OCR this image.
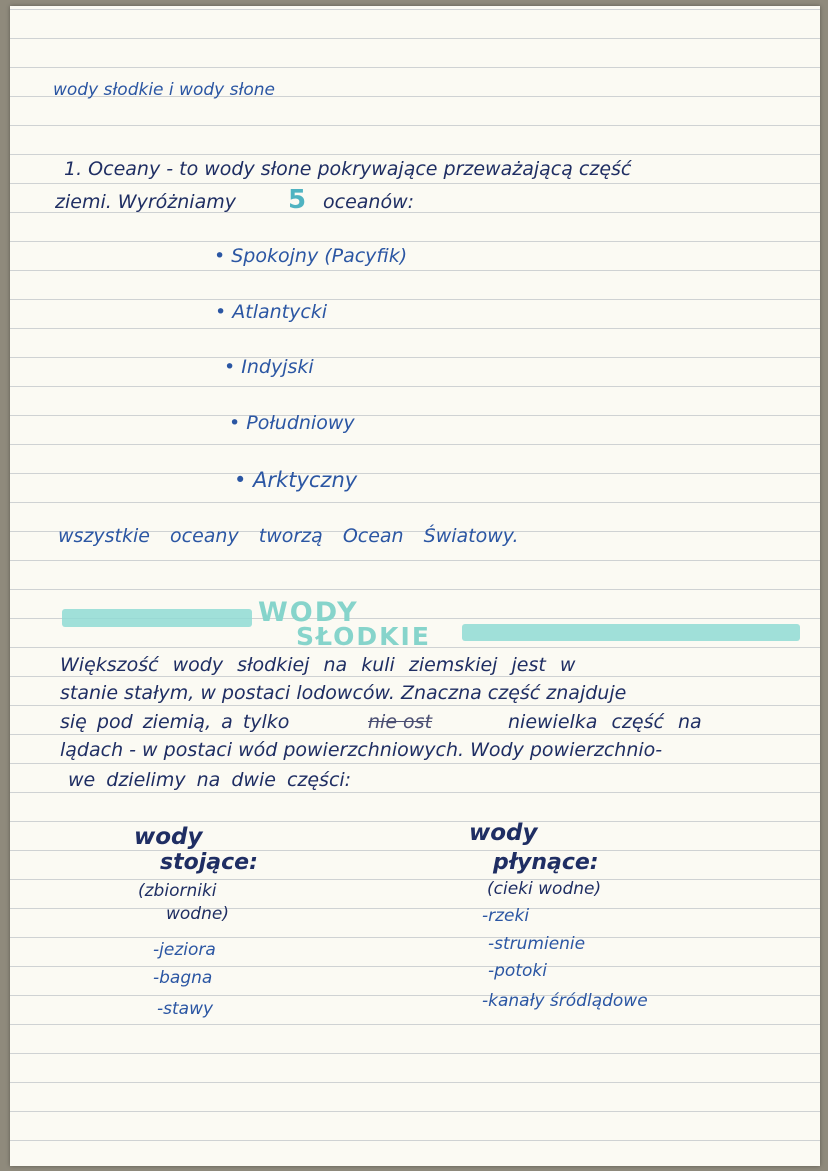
wody słodkie i wody słone
1. Oceany - to wody słone pokrywające przeważającą część
ziemi. Wyróżniamy 5 oceanów:
• Spokojny (Pacyfik)
• Atlantycki
• Indyjski
• Południowy
• Arktyczny
wszystkie oceany tworzą Ocean Światowy.
WODY
SŁODKIE
Większość wody słodkiej na kuli ziemskiej jest w
stanie stałym, w postaci lodowców. Znaczna część znajduje
się pod ziemią, a tylko	nie ost	niewielka część na
lądach - w postaci wód powierzchniowych. Wody powierzchnio-
we dzielimy na dwie części:
wody
stojące:
(zbiorniki
wodne)
-jeziora
-bagna
-stawy
wody
płynące:
(cieki wodne)
-rzeki
-strumienie
-potoki
-kanały śródlądowe
